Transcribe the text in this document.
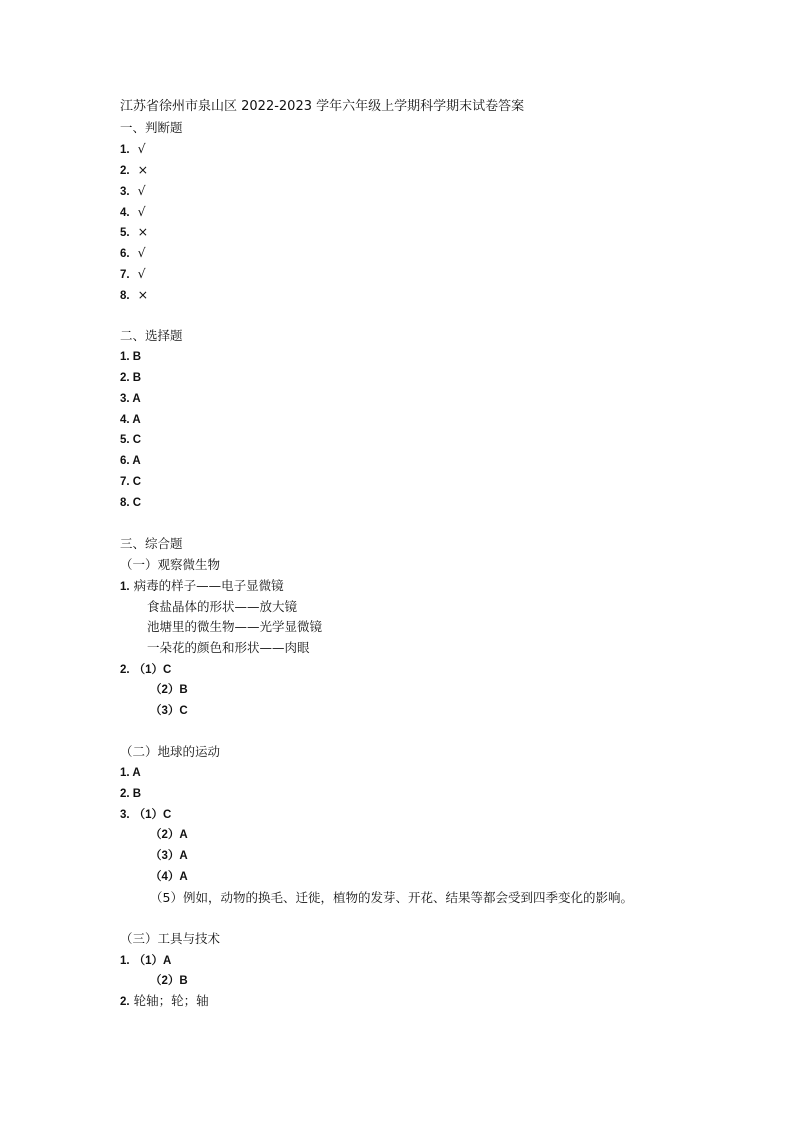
江苏省徐州市泉山区 2022-2023 学年六年级上学期科学期末试卷答案
一、判断题
1. √
2. ×
3. √
4. √
5. ×
6. √
7. √
8. ×
二、选择题
1. B
2. B
3. A
4. A
5. C
6. A
7. C
8. C
三、综合题
（一）观察微生物
1. 病毒的样子——电子显微镜
食盐晶体的形状——放大镜
池塘里的微生物——光学显微镜
一朵花的颜色和形状——肉眼
2. （1）C
（2）B
（3）C
（二）地球的运动
1. A
2. B
3. （1）C
（2）A
（3）A
（4）A
（5）例如，动物的换毛、迁徙，植物的发芽、开花、结果等都会受到四季变化的影响。
（三）工具与技术
1. （1）A
（2）B
2. 轮轴；轮；轴
